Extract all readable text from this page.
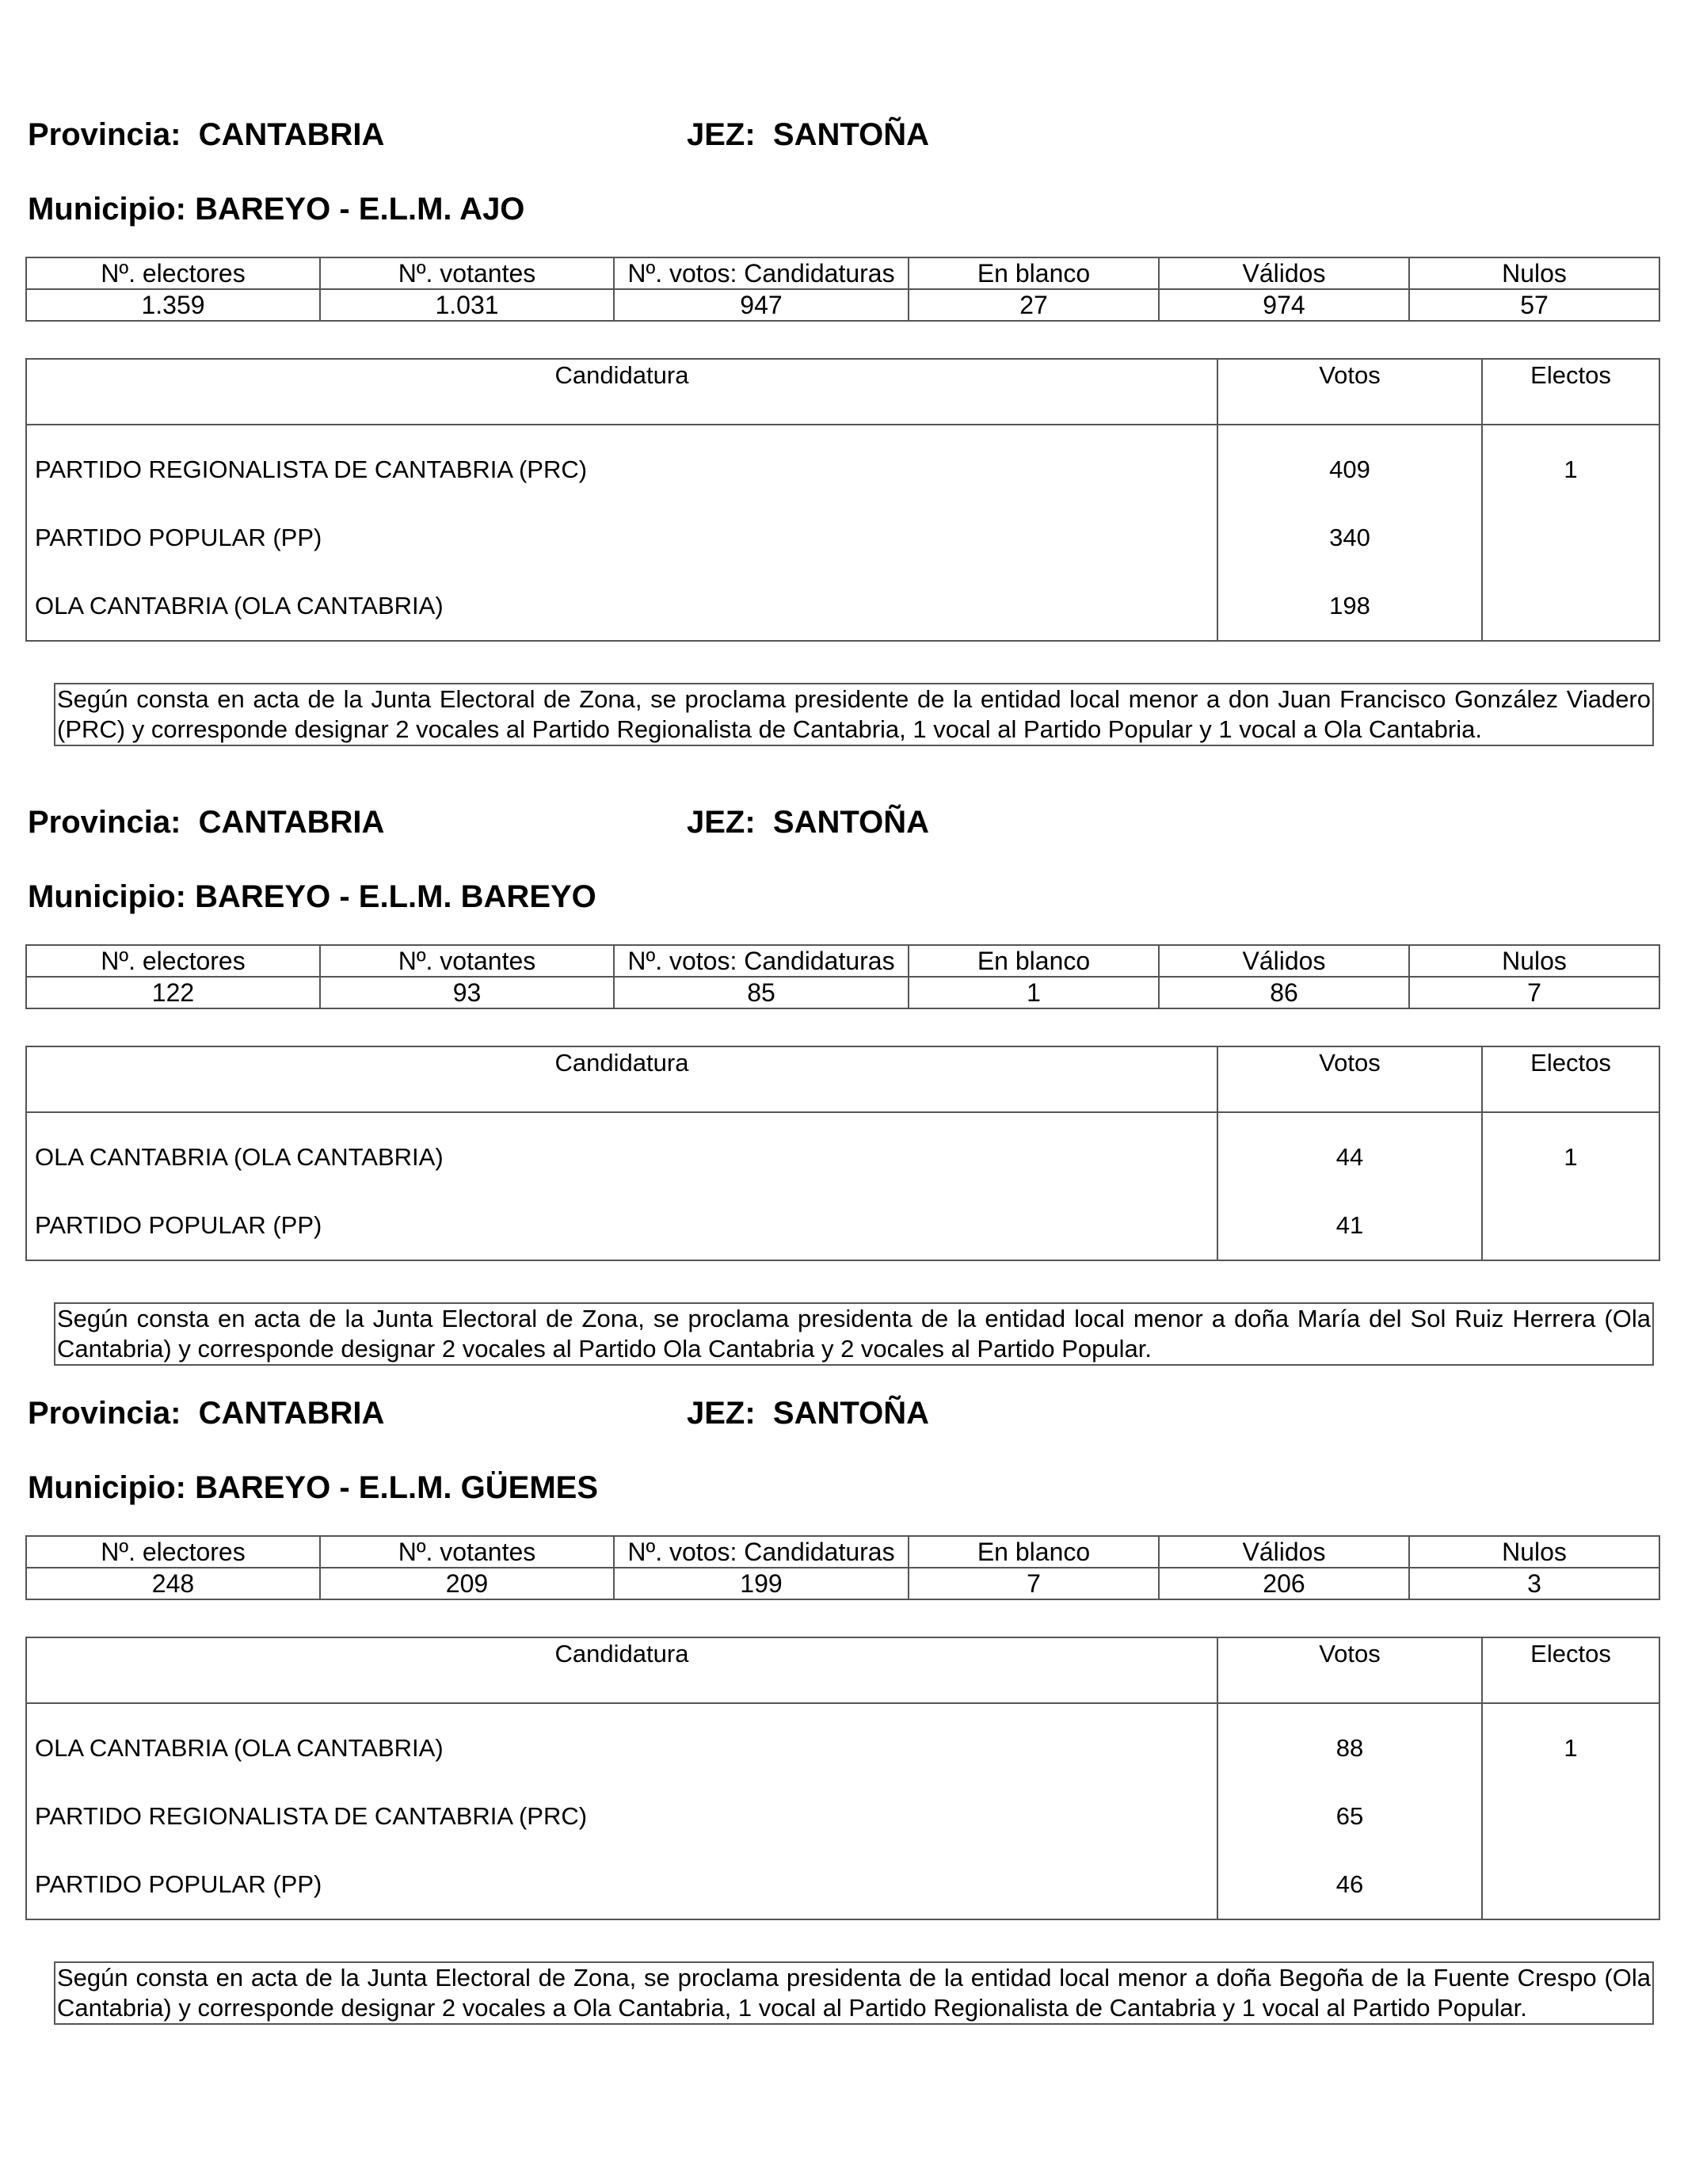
Provincia: CANTABRIA	JEZ: SANTOÑA
Municipio: BAREYO - E.L.M. AJO
Nº. electores	Nº. votantes	Nº. votos: Candidaturas	En blanco	Válidos	Nulos
1.359	1.031	947	27	974	57
Candidatura	Votos	Electos
PARTIDO REGIONALISTA DE CANTABRIA (PRC)	409	1
PARTIDO POPULAR (PP)	340	
OLA CANTABRIA (OLA CANTABRIA)	198	
Según consta en acta de la Junta Electoral de Zona, se proclama presidente de la entidad local menor a don Juan Francisco González Viadero (PRC) y corresponde designar 2 vocales al Partido Regionalista de Cantabria, 1 vocal al Partido Popular y 1 vocal a Ola Cantabria.
Provincia: CANTABRIA	JEZ: SANTOÑA
Municipio: BAREYO - E.L.M. BAREYO
Nº. electores	Nº. votantes	Nº. votos: Candidaturas	En blanco	Válidos	Nulos
122	93	85	1	86	7
Candidatura	Votos	Electos
OLA CANTABRIA (OLA CANTABRIA)	44	1
PARTIDO POPULAR (PP)	41	
Según consta en acta de la Junta Electoral de Zona, se proclama presidenta de la entidad local menor a doña María del Sol Ruiz Herrera (Ola Cantabria) y corresponde designar 2 vocales al Partido Ola Cantabria y 2 vocales al Partido Popular.
Provincia: CANTABRIA	JEZ: SANTOÑA
Municipio: BAREYO - E.L.M. GÜEMES
Nº. electores	Nº. votantes	Nº. votos: Candidaturas	En blanco	Válidos	Nulos
248	209	199	7	206	3
Candidatura	Votos	Electos
OLA CANTABRIA (OLA CANTABRIA)	88	1
PARTIDO REGIONALISTA DE CANTABRIA (PRC)	65	
PARTIDO POPULAR (PP)	46	
Según consta en acta de la Junta Electoral de Zona, se proclama presidenta de la entidad local menor a doña Begoña de la Fuente Crespo (Ola Cantabria) y corresponde designar 2 vocales a Ola Cantabria, 1 vocal al Partido Regionalista de Cantabria y 1 vocal al Partido Popular.
